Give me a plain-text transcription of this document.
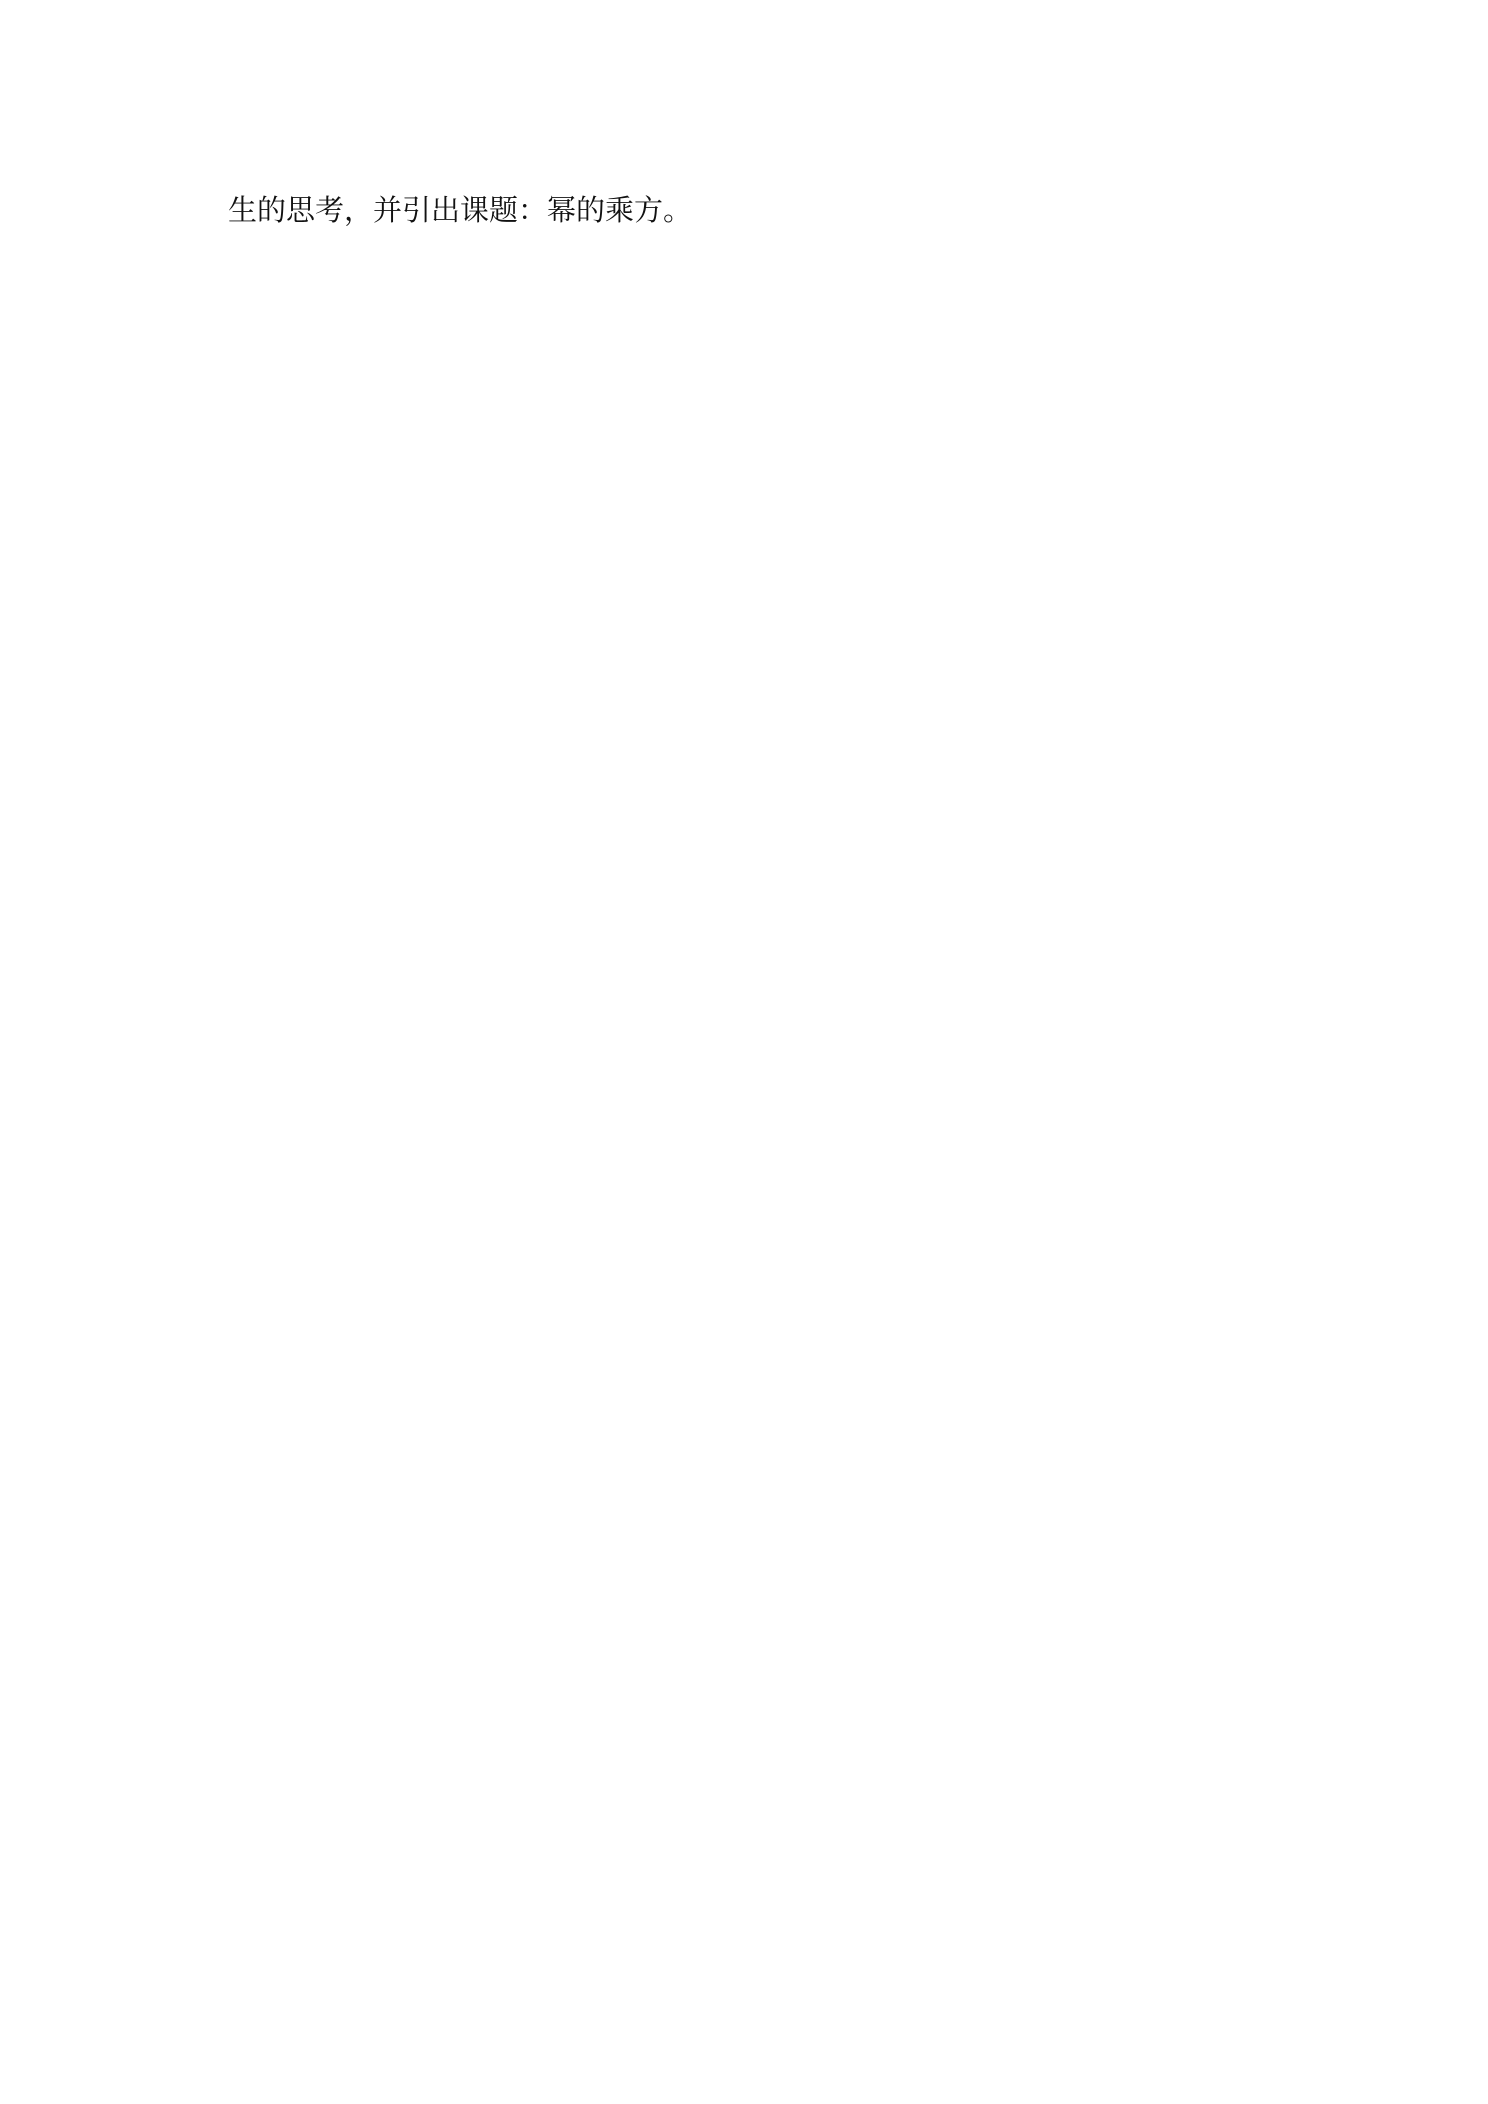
生的思考，并引出课题：幂的乘方。
